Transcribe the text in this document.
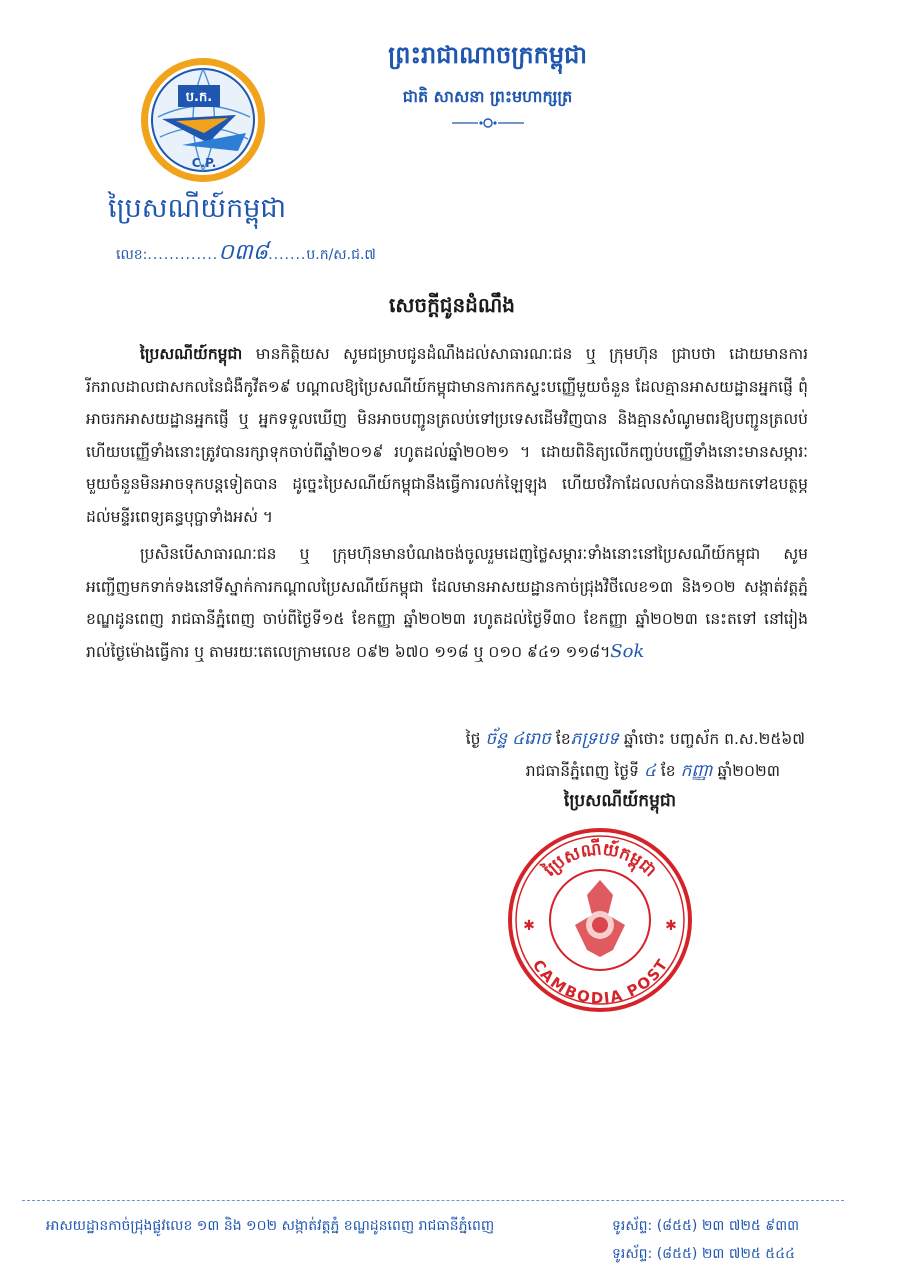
ប.ក.
C.P.
ប្រៃសណីយ៍កម្ពុជា
លេខ:.............០៣៨.......ប.ក/ស.ជ.៧
ព្រះរាជាណាចក្រកម្ពុជា
ជាតិ សាសនា ព្រះមហាក្សត្រ
សេចក្តីជូនដំណឹង
ប្រៃសណីយ៍កម្ពុជា មានកិត្តិយស សូមជម្រាបជូនដំណឹងដល់សាធារណៈជន ឬ ក្រុមហ៊ុន ជ្រាបថា ដោយមានការរីករាលដាលជាសកលនៃជំងឺកូវីត១៩ បណ្តាលឱ្យប្រៃសណីយ៍កម្ពុជាមានការកកស្ទះបញ្ញើមួយចំនួន ដែលគ្មានអាសយដ្ឋានអ្នកផ្ញើ ពុំអាចរកអាសយដ្ឋានអ្នកផ្ញើ ឬ អ្នកទទួលឃើញ មិនអាចបញ្ជូនត្រលប់ទៅប្រទេសដើមវិញបាន និងគ្មានសំណូមពរឱ្យបញ្ជូនត្រលប់ ហើយបញ្ញើទាំងនោះត្រូវបានរក្សាទុកចាប់ពីឆ្នាំ២០១៩ រហូតដល់ឆ្នាំ២០២១ ។ ដោយពិនិត្យលើកញ្ចប់បញ្ញើទាំងនោះមានសម្ភារៈមួយចំនួនមិនអាចទុកបន្តទៀតបាន ដូច្នេះប្រៃសណីយ៍កម្ពុជានឹងធ្វើការលក់ឡៃឡុង ហើយថវិកាដែលលក់បាននឹងយកទៅឧបត្ថម្ភដល់មន្ទីរពេទ្យគន្ធបុប្ផាទាំងអស់ ។
ប្រសិនបើសាធារណៈជន ឬ ក្រុមហ៊ុនមានបំណងចង់ចូលរួមដេញថ្លៃសម្ភារៈទាំងនោះនៅប្រៃសណីយ៍កម្ពុជា សូមអញ្ជើញមកទាក់ទងនៅទីស្នាក់ការកណ្តាលប្រៃសណីយ៍កម្ពុជា ដែលមានអាសយដ្ឋានកាច់ជ្រុងវិថីលេខ១៣ និង១០២ សង្កាត់វត្តភ្នំ ខណ្ឌដូនពេញ រាជធានីភ្នំពេញ ចាប់ពីថ្ងៃទី១៥ ខែកញ្ញា ឆ្នាំ២០២៣ រហូតដល់ថ្ងៃទី៣០ ខែកញ្ញា ឆ្នាំ២០២៣ នេះតទៅ នៅរៀងរាល់ថ្ងៃម៉ោងធ្វើការ ឬ តាមរយៈតេលេក្រាមលេខ ០៩២ ៦៧០ ១១៨ ឬ ០១០ ៩៤១ ១១៨។Sok
ថ្ងៃ ច័ន្ទ ៤រោច ខែភទ្របទ ឆ្នាំថោះ បញ្ចស័ក ព.ស.២៥៦៧
រាជធានីភ្នំពេញ ថ្ងៃទី ៤ ខែ កញ្ញា ឆ្នាំ២០២៣
ប្រៃសណីយ៍កម្ពុជា
ប្រៃសណីយ៍កម្ពុជា
CAMBODIA POST
✱	✱
អាសយដ្ឋានកាច់ជ្រុងផ្លូវលេខ ១៣ និង ១០២ សង្កាត់វត្តភ្នំ ខណ្ឌដូនពេញ រាជធានីភ្នំពេញ	ទូរស័ព្ទ: (៨៥៥) ២៣ ៧២៥ ៩៣៣
ទូរស័ព្ទ: (៨៥៥) ២៣ ៧២៥ ៥៤៤
